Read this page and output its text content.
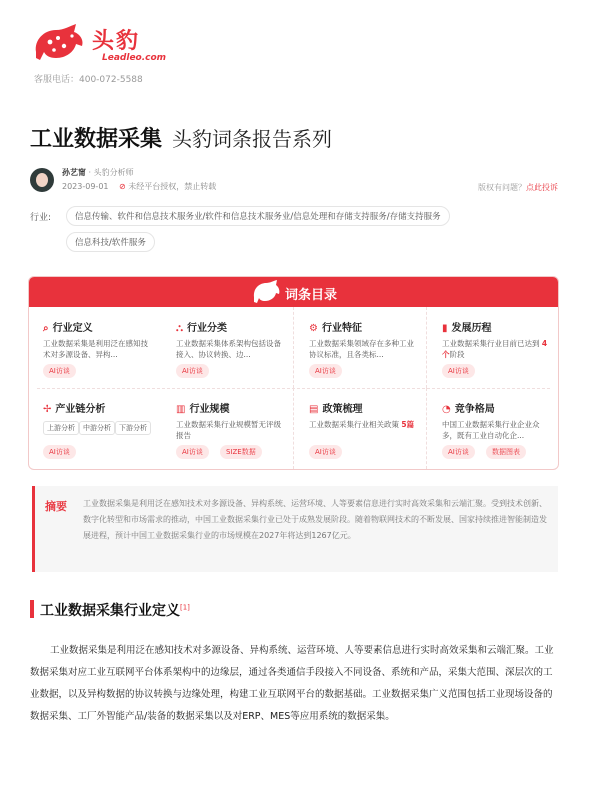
头豹
Leadleo.com
客服电话：400-072-5588
工业数据采集 头豹词条报告系列
孙艺甯 · 头豹分析师
2023-09-01 ⊘ 未经平台授权，禁止转载	版权有问题？点此投诉
行业:	信息传输、软件和信息技术服务业/软件和信息技术服务业/信息处理和存储支持服务/存储支持服务
信息科技/软件服务
词条目录
⌕ 行业定义
工业数据采集是利用泛在感知技术对多源设备、异构...
AI访谈
⛬ 行业分类
工业数据采集体系架构包括设备接入、协议转换、边...
AI访谈
⚙ 行业特征
工业数据采集领域存在多种工业协议标准，且各类标...
AI访谈
▮ 发展历程
工业数据采集行业目前已达到 4个阶段
AI访谈
✢ 产业链分析
上游分析	中游分析	下游分析
AI访谈
▥ 行业规模
工业数据采集行业规模暂无评级报告
AI访谈	SIZE数据
▤ 政策梳理
工业数据采集行业相关政策 5篇
AI访谈
◔ 竞争格局
中国工业数据采集行业企业众多，既有工业自动化企...
AI访谈	数据图表
摘要 工业数据采集是利用泛在感知技术对多源设备、异构系统、运营环境、人等要素信息进行实时高效采集和云端汇聚。受到技术创新、数字化转型和市场需求的推动，中国工业数据采集行业已处于成熟发展阶段。随着物联网技术的不断发展、国家持续推进智能制造发展进程，预计中国工业数据采集行业的市场规模在2027年将达到1267亿元。
工业数据采集行业定义[1]
工业数据采集是利用泛在感知技术对多源设备、异构系统、运营环境、人等要素信息进行实时高效采集和云端汇聚。工业数据采集对应工业互联网平台体系架构中的边缘层，通过各类通信手段接入不同设备、系统和产品，采集大范围、深层次的工业数据，以及异构数据的协议转换与边缘处理，构建工业互联网平台的数据基础。工业数据采集广义范围包括工业现场设备的数据采集、工厂外智能产品/装备的数据采集以及对ERP、MES等应用系统的数据采集。
